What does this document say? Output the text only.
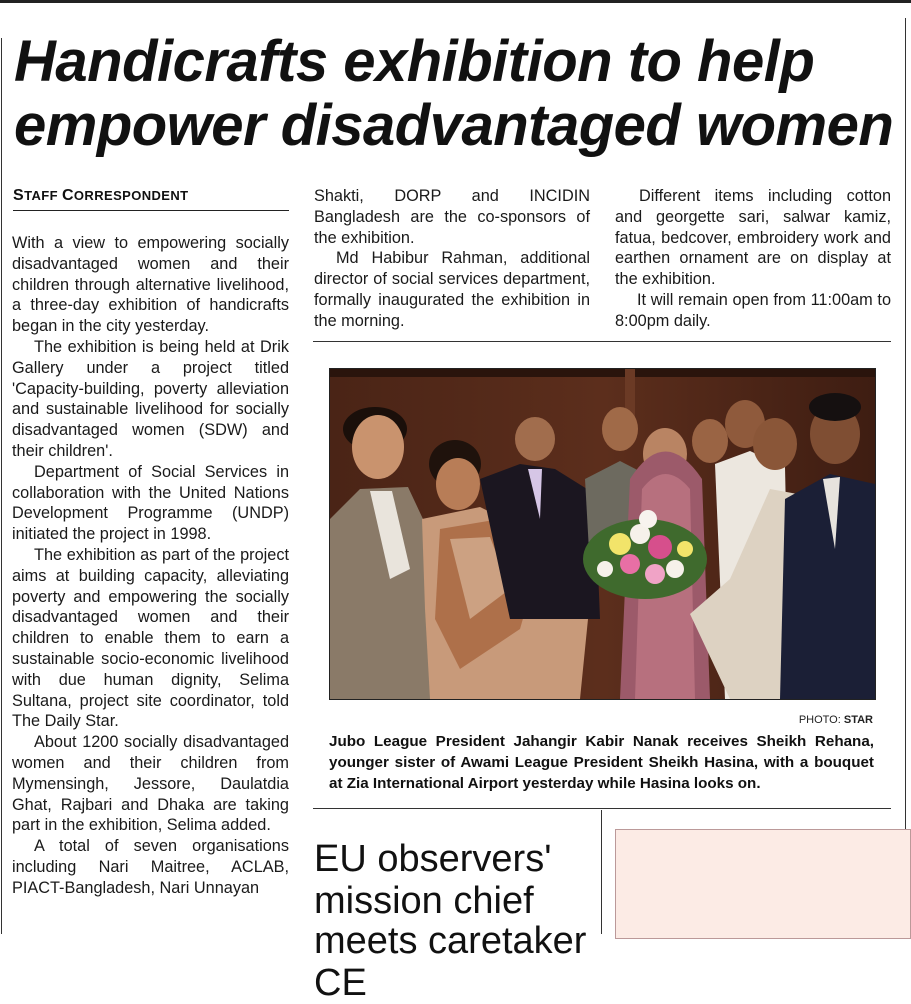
Handicrafts exhibition to help empower disadvantaged women
STAFF CORRESPONDENT

With a view to empowering socially disadvantaged women and their children through alternative livelihood, a three-day exhibition of handicrafts began in the city yesterday.

The exhibition is being held at Drik Gallery under a project titled 'Capacity-building, poverty alleviation and sustainable livelihood for socially disadvantaged women (SDW) and their children'.

Department of Social Services in collaboration with the United Nations Development Programme (UNDP) initiated the project in 1998.

The exhibition as part of the project aims at building capacity, alleviating poverty and empowering the socially disadvantaged women and their children to enable them to earn a sustainable socio-economic livelihood with due human dignity, Selima Sultana, project site coordinator, told The Daily Star.

About 1200 socially disadvantaged women and their children from Mymensingh, Jessore, Daulatdia Ghat, Rajbari and Dhaka are taking part in the exhibition, Selima added.

A total of seven organisations including Nari Maitree, ACLAB, PIACT-Bangladesh, Nari Unnayan

Shakti, DORP and INCIDIN Bangladesh are the co-sponsors of the exhibition.

Md Habibur Rahman, additional director of social services department, formally inaugurated the exhibition in the morning.

Different items including cotton and georgette sari, salwar kamiz, fatua, bedcover, embroidery work and earthen ornament are on display at the exhibition.

It will remain open from 11:00am to 8:00pm daily.

PHOTO: STAR

Jubo League President Jahangir Kabir Nanak receives Sheikh Rehana, younger sister of Awami League President Sheikh Hasina, with a bouquet at Zia International Airport yesterday while Hasina looks on.

EU observers' mission chief
meets caretaker CE
